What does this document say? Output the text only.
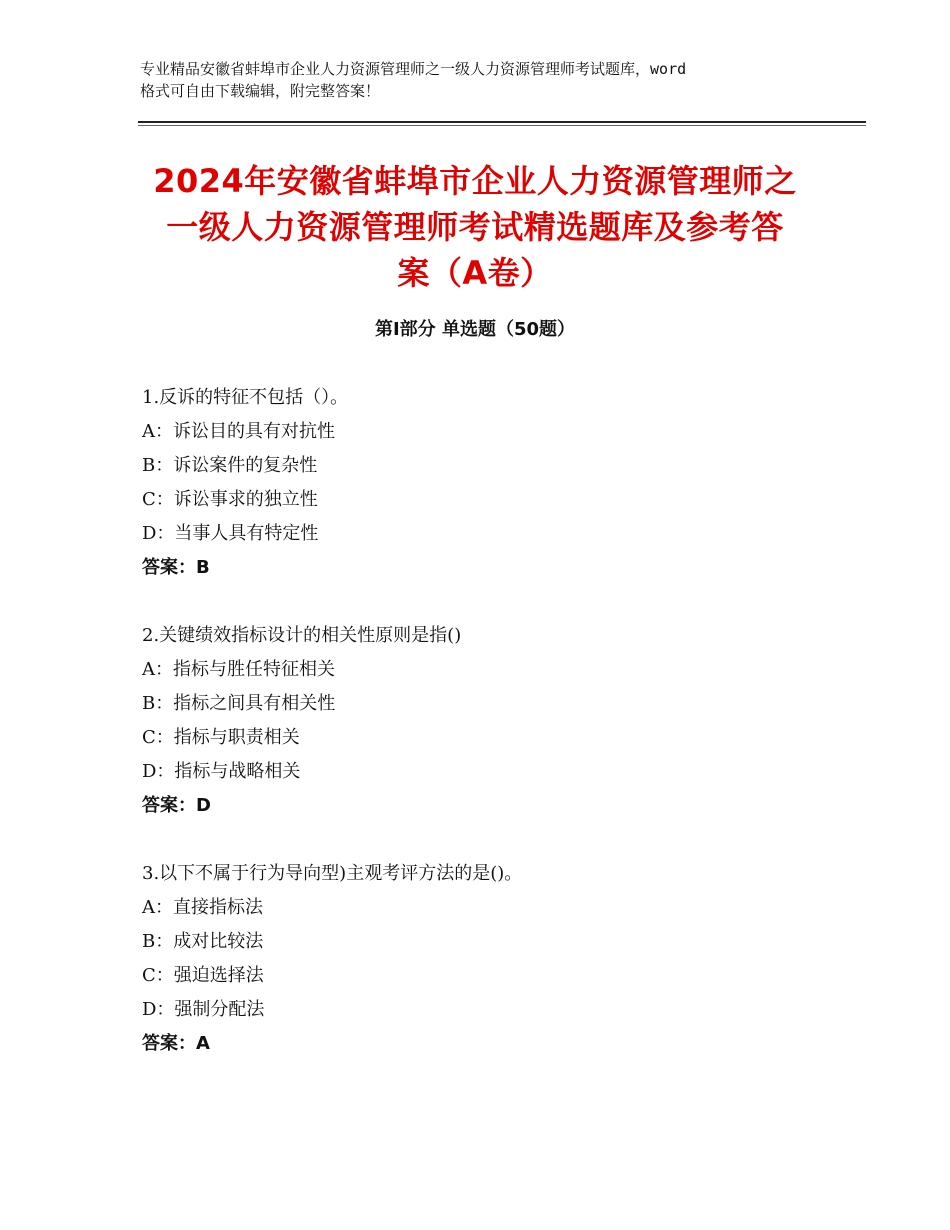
专业精品安徽省蚌埠市企业人力资源管理师之一级人力资源管理师考试题库，word
格式可自由下载编辑，附完整答案！
2024年安徽省蚌埠市企业人力资源管理师之
一级人力资源管理师考试精选题库及参考答
案（A卷）
第Ⅰ部分 单选题（50题）
1.反诉的特征不包括（）。
A：诉讼目的具有对抗性
B：诉讼案件的复杂性
C：诉讼事求的独立性
D：当事人具有特定性
答案：B
2.关键绩效指标设计的相关性原则是指()
A：指标与胜任特征相关
B：指标之间具有相关性
C：指标与职责相关
D：指标与战略相关
答案：D
3.以下不属于行为导向型)主观考评方法的是()。
A：直接指标法
B：成对比较法
C：强迫选择法
D：强制分配法
答案：A
